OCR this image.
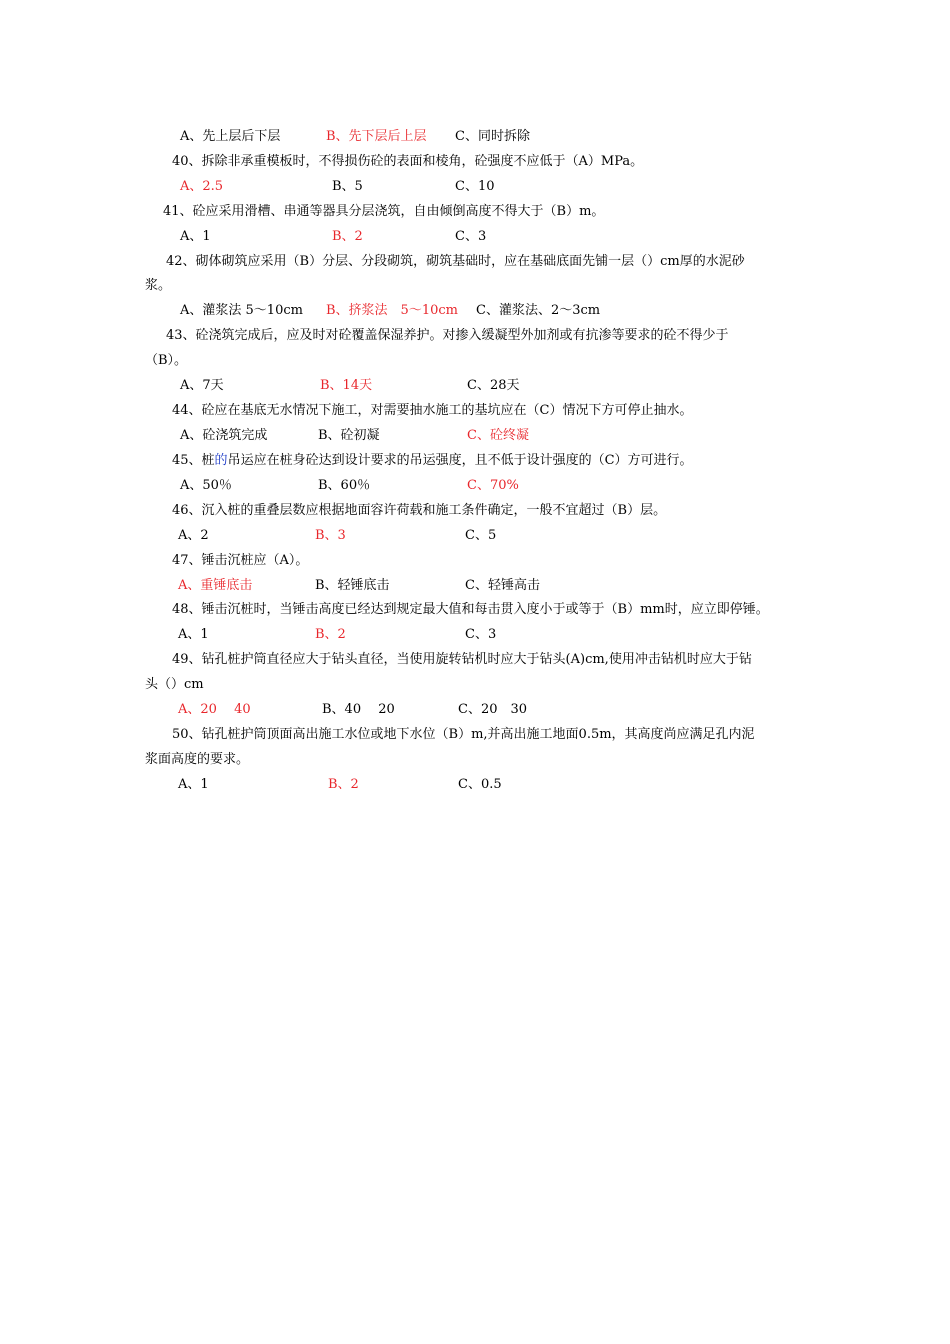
A、先上层后下层	B、先下层后上层 C、同时拆除
40、拆除非承重模板时，不得损伤砼的表面和棱角，砼强度不应低于（A）MPa。
A、2.5	B、5	C、10
41、砼应采用滑槽、串通等器具分层浇筑，自由倾倒高度不得大于（B）m。
A、1	B、2	C、3
42、砌体砌筑应采用（B）分层、分段砌筑，砌筑基础时，应在基础底面先铺一层（）cm厚的水泥砂
浆。
A、灌浆法 5～10cm B、挤浆法　5～10cm C、灌浆法、2～3cm
43、砼浇筑完成后，应及时对砼覆盖保湿养护。对掺入缓凝型外加剂或有抗渗等要求的砼不得少于
（B）。
A、7天	B、14天	C、28天
44、砼应在基底无水情况下施工，对需要抽水施工的基坑应在（C）情况下方可停止抽水。
A、砼浇筑完成	B、砼初凝	C、砼终凝
45、桩的吊运应在桩身砼达到设计要求的吊运强度，且不低于设计强度的（C）方可进行。
A、50％	B、60％	C、70%
46、沉入桩的重叠层数应根据地面容许荷载和施工条件确定，一般不宜超过（B）层。
A、2	B、3	C、5
47、锤击沉桩应（A）。
A、重锤底击	B、轻锤底击	C、轻锤高击
48、锤击沉桩时，当锤击高度已经达到规定最大值和每击贯入度小于或等于（B）mm时，应立即停锤。
A、1	B、2	C、3
49、钻孔桩护筒直径应大于钻头直径，当使用旋转钻机时应大于钻头(A)cm,使用冲击钻机时应大于钻
头（）cm
A、20　 40	B、40　 20	C、20　30
50、钻孔桩护筒顶面高出施工水位或地下水位（B）m,并高出施工地面0.5m，其高度尚应满足孔内泥
浆面高度的要求。
A、1	B、2	C、0.5
